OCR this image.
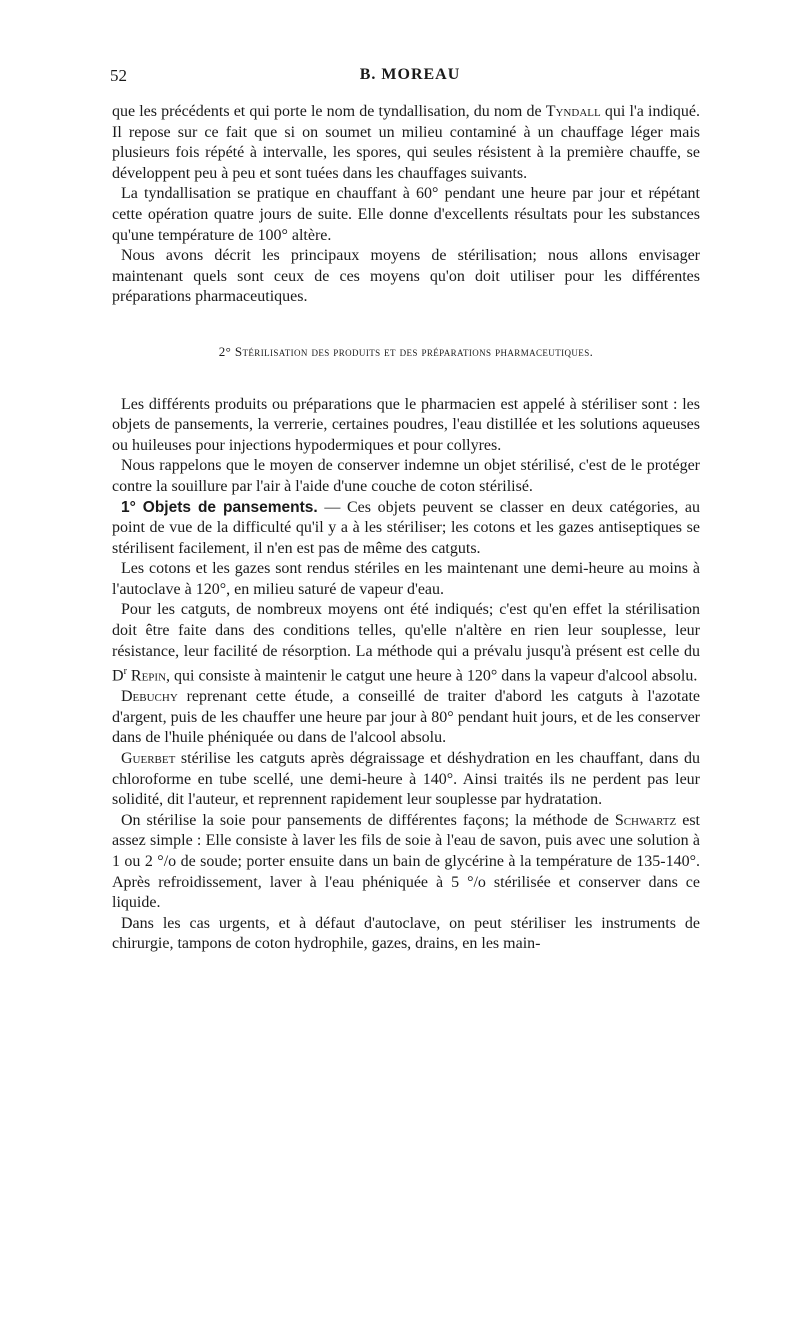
52	B. MOREAU

que les précédents et qui porte le nom de tyndallisation, du nom de Tyndall qui l'a indiqué. Il repose sur ce fait que si on soumet un milieu contaminé à un chauffage léger mais plusieurs fois répété à intervalle, les spores, qui seules résistent à la première chauffe, se développent peu à peu et sont tuées dans les chauffages suivants.

La tyndallisation se pratique en chauffant à 60° pendant une heure par jour et répétant cette opération quatre jours de suite. Elle donne d'excellents résultats pour les substances qu'une température de 100° altère.

Nous avons décrit les principaux moyens de stérilisation; nous allons envisager maintenant quels sont ceux de ces moyens qu'on doit utiliser pour les différentes préparations pharmaceutiques.

2° Stérilisation des produits et des préparations pharmaceutiques.

Les différents produits ou préparations que le pharmacien est appelé à stériliser sont : les objets de pansements, la verrerie, certaines poudres, l'eau distillée et les solutions aqueuses ou huileuses pour injections hypodermiques et pour collyres.

Nous rappelons que le moyen de conserver indemne un objet stérilisé, c'est de le protéger contre la souillure par l'air à l'aide d'une couche de coton stérilisé.

1° Objets de pansements. — Ces objets peuvent se classer en deux catégories, au point de vue de la difficulté qu'il y a à les stériliser; les cotons et les gazes antiseptiques se stérilisent facilement, il n'en est pas de même des catguts.

Les cotons et les gazes sont rendus stériles en les maintenant une demi-heure au moins à l'autoclave à 120°, en milieu saturé de vapeur d'eau.

Pour les catguts, de nombreux moyens ont été indiqués; c'est qu'en effet la stérilisation doit être faite dans des conditions telles, qu'elle n'altère en rien leur souplesse, leur résistance, leur facilité de résorption. La méthode qui a prévalu jusqu'à présent est celle du $D^r$ Repin, qui consiste à maintenir le catgut une heure à 120° dans la vapeur d'alcool absolu.

Debuchy reprenant cette étude, a conseillé de traiter d'abord les catguts à l'azotate d'argent, puis de les chauffer une heure par jour à 80° pendant huit jours, et de les conserver dans de l'huile phéniquée ou dans de l'alcool absolu.

Guerbet stérilise les catguts après dégraissage et déshydration en les chauffant, dans du chloroforme en tube scellé, une demi-heure à 140°. Ainsi traités ils ne perdent pas leur solidité, dit l'auteur, et reprennent rapidement leur souplesse par hydratation.

On stérilise la soie pour pansements de différentes façons; la méthode de Schwartz est assez simple : Elle consiste à laver les fils de soie à l'eau de savon, puis avec une solution à 1 ou 2 °/o de soude; porter ensuite dans un bain de glycérine à la température de 135-140°. Après refroidissement, laver à l'eau phéniquée à 5 °/o stérilisée et conserver dans ce liquide.

Dans les cas urgents, et à défaut d'autoclave, on peut stériliser les instruments de chirurgie, tampons de coton hydrophile, gazes, drains, en les main-
